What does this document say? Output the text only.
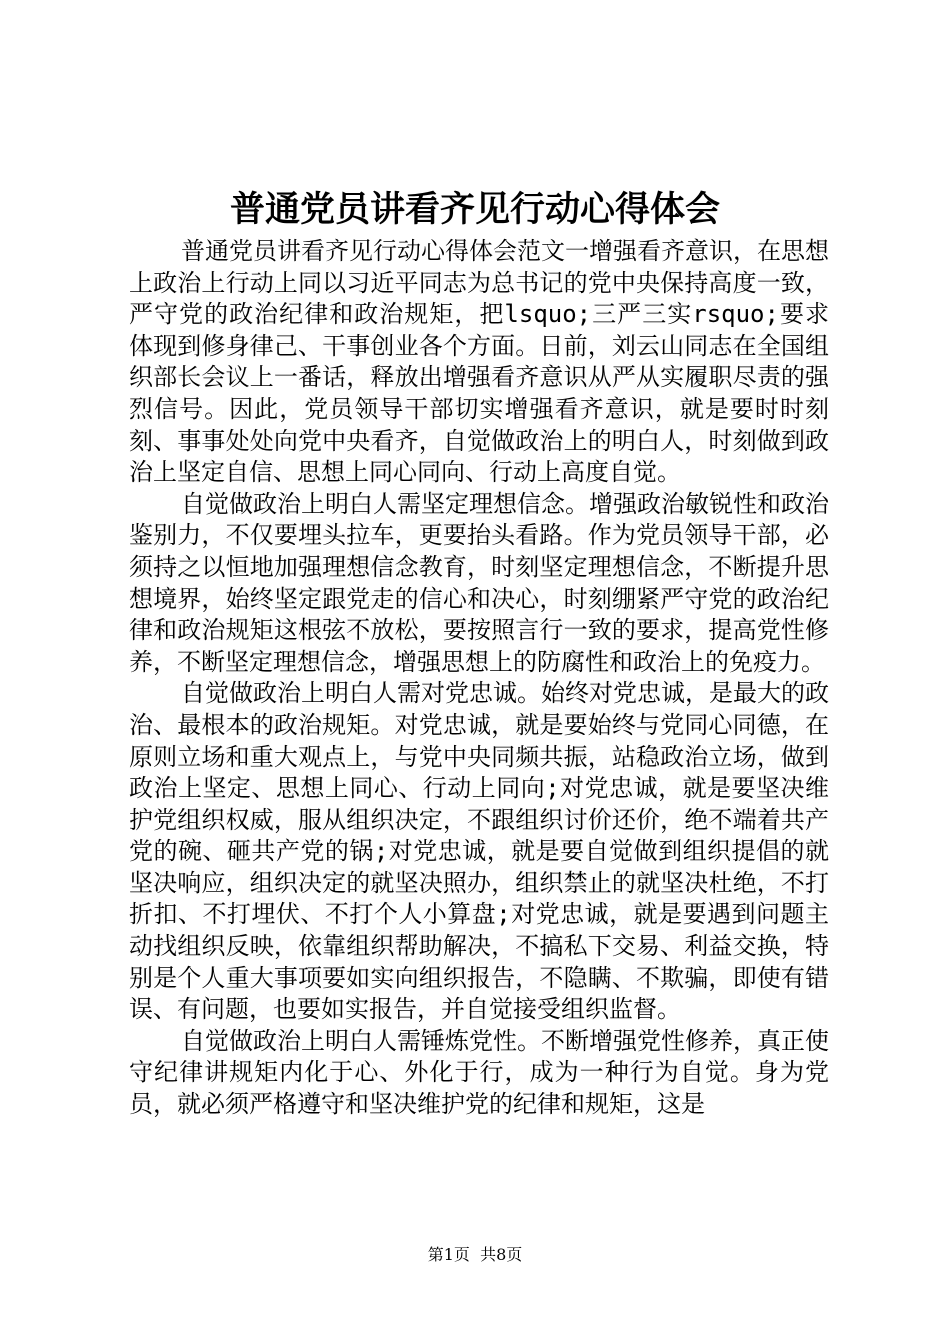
普通党员讲看齐见行动心得体会

普通党员讲看齐见行动心得体会范文一增强看齐意识，在思想上政治上行动上同以习近平同志为总书记的党中央保持高度一致，严守党的政治纪律和政治规矩，把lsquo;三严三实rsquo;要求体现到修身律己、干事创业各个方面。日前，刘云山同志在全国组织部长会议上一番话，释放出增强看齐意识从严从实履职尽责的强烈信号。因此，党员领导干部切实增强看齐意识，就是要时时刻刻、事事处处向党中央看齐，自觉做政治上的明白人，时刻做到政治上坚定自信、思想上同心同向、行动上高度自觉。

自觉做政治上明白人需坚定理想信念。增强政治敏锐性和政治鉴别力，不仅要埋头拉车，更要抬头看路。作为党员领导干部，必须持之以恒地加强理想信念教育，时刻坚定理想信念，不断提升思想境界，始终坚定跟党走的信心和决心，时刻绷紧严守党的政治纪律和政治规矩这根弦不放松，要按照言行一致的要求，提高党性修养，不断坚定理想信念，增强思想上的防腐性和政治上的免疫力。

自觉做政治上明白人需对党忠诚。始终对党忠诚，是最大的政治、最根本的政治规矩。对党忠诚，就是要始终与党同心同德，在原则立场和重大观点上，与党中央同频共振，站稳政治立场，做到政治上坚定、思想上同心、行动上同向;对党忠诚，就是要坚决维护党组织权威，服从组织决定，不跟组织讨价还价，绝不端着共产党的碗、砸共产党的锅;对党忠诚，就是要自觉做到组织提倡的就坚决响应，组织决定的就坚决照办，组织禁止的就坚决杜绝，不打折扣、不打埋伏、不打个人小算盘;对党忠诚，就是要遇到问题主动找组织反映，依靠组织帮助解决，不搞私下交易、利益交换，特别是个人重大事项要如实向组织报告，不隐瞒、不欺骗，即使有错误、有问题，也要如实报告，并自觉接受组织监督。

自觉做政治上明白人需锤炼党性。不断增强党性修养，真正使守纪律讲规矩内化于心、外化于行，成为一种行为自觉。身为党员，就必须严格遵守和坚决维护党的纪律和规矩，这是

第1页 共8页
